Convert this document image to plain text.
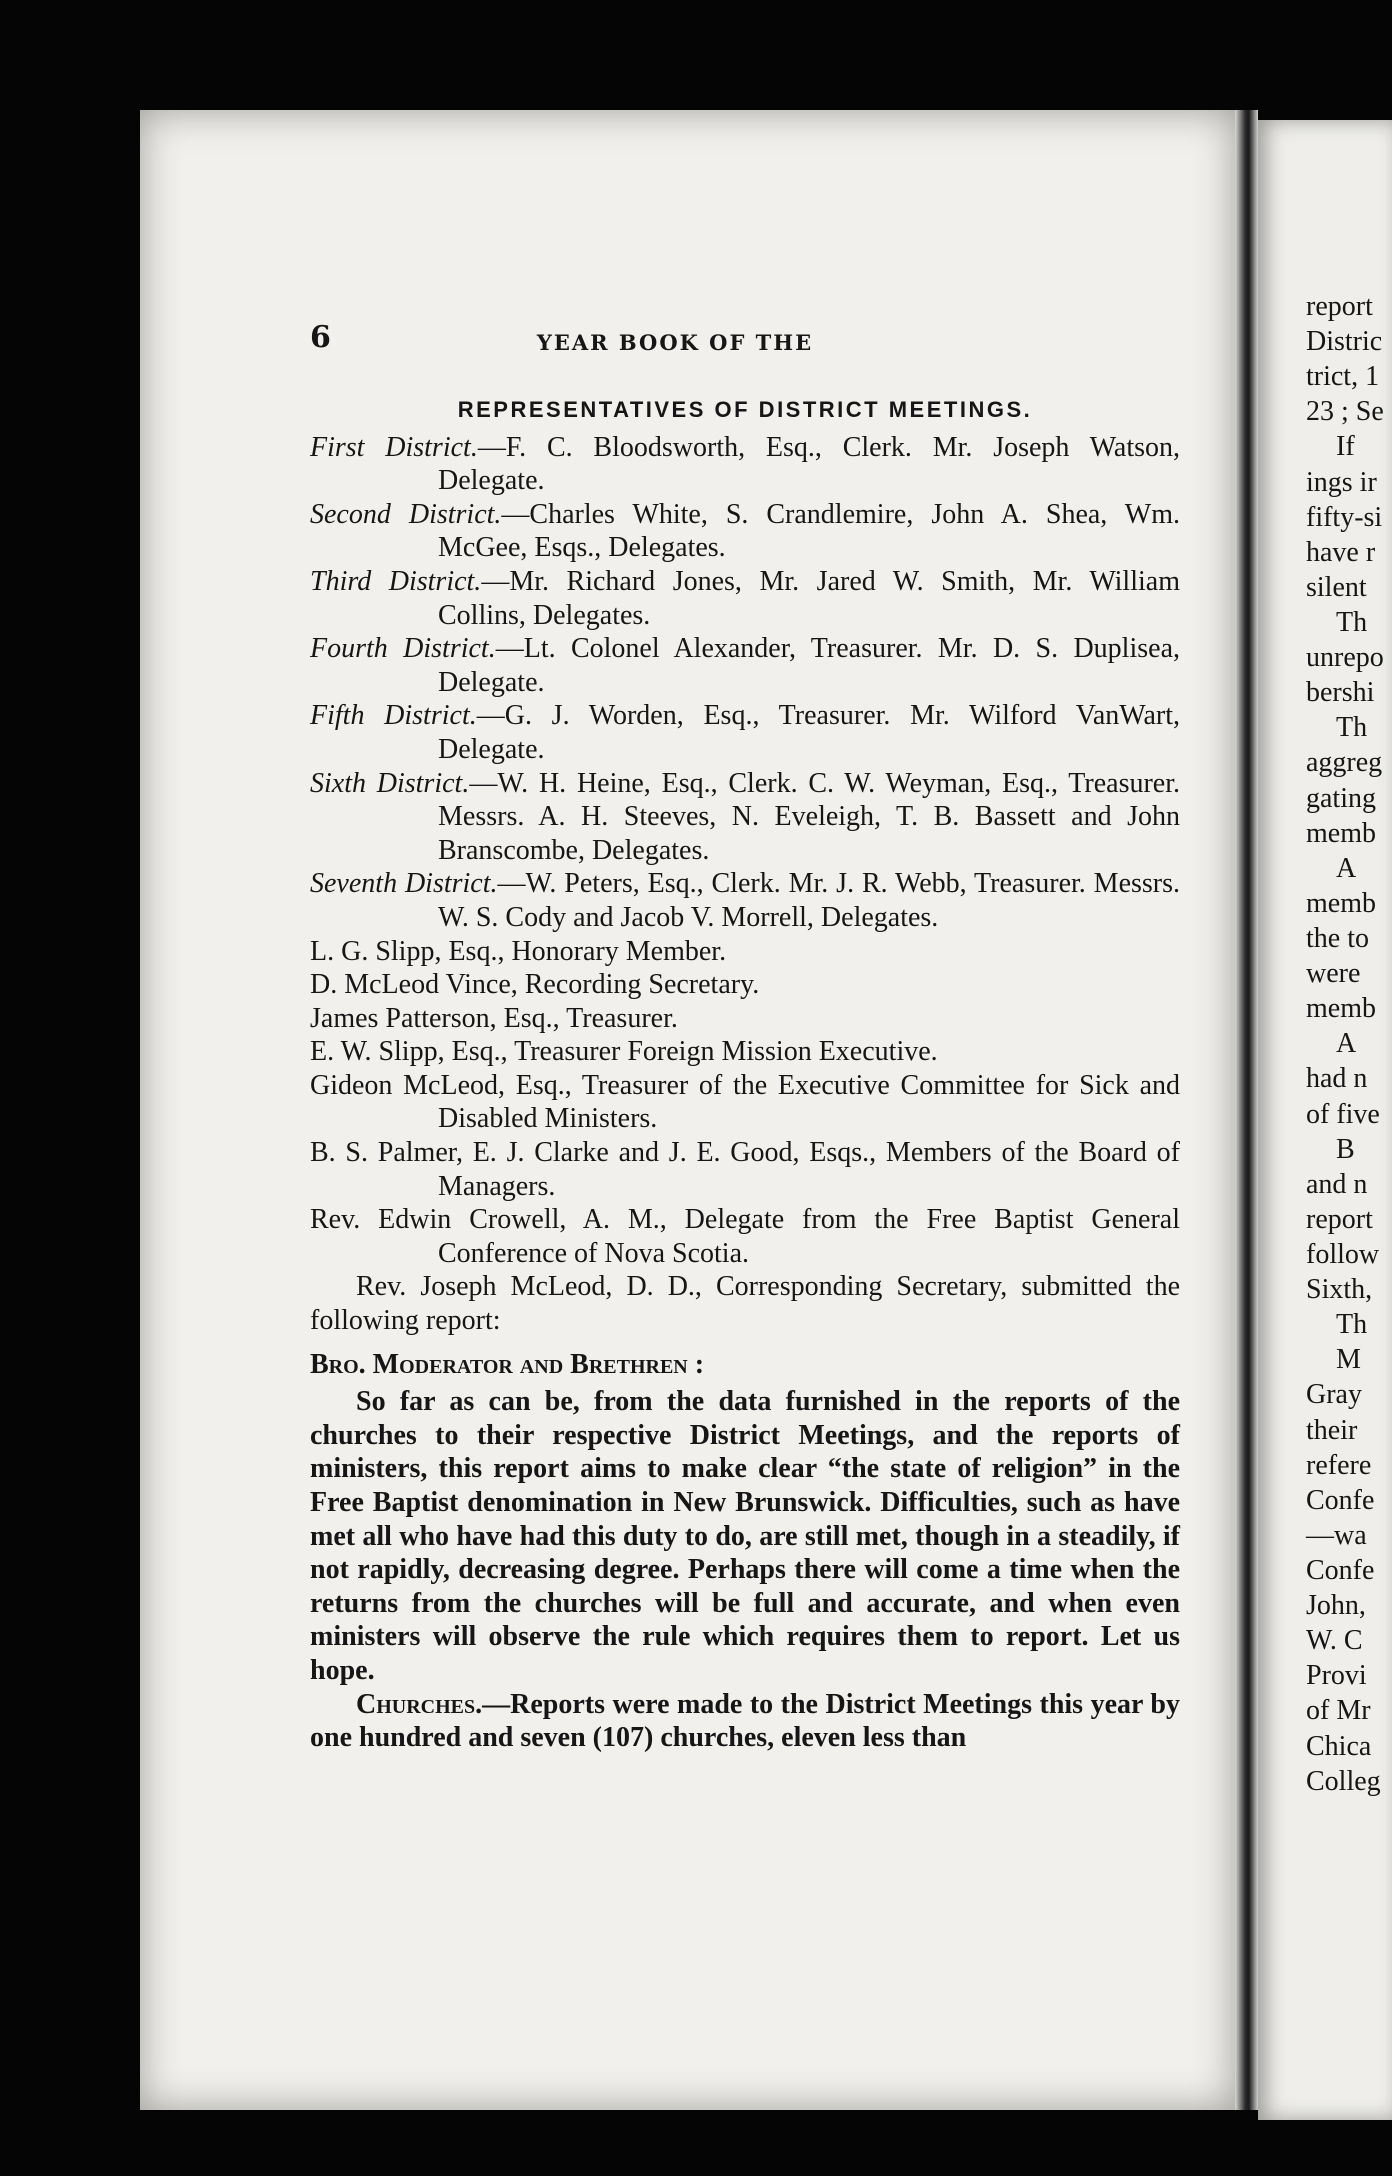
6	YEAR BOOK OF THE
REPRESENTATIVES OF DISTRICT MEETINGS.
First District.—F. C. Bloodsworth, Esq., Clerk. Mr. Joseph Watson, Delegate.
Second District.—Charles White, S. Crandlemire, John A. Shea, Wm. McGee, Esqs., Delegates.
Third District.—Mr. Richard Jones, Mr. Jared W. Smith, Mr. William Collins, Delegates.
Fourth District.—Lt. Colonel Alexander, Treasurer. Mr. D. S. Duplisea, Delegate.
Fifth District.—G. J. Worden, Esq., Treasurer. Mr. Wilford VanWart, Delegate.
Sixth District.—W. H. Heine, Esq., Clerk. C. W. Weyman, Esq., Treasurer. Messrs. A. H. Steeves, N. Eveleigh, T. B. Bassett and John Branscombe, Delegates.
Seventh District.—W. Peters, Esq., Clerk. Mr. J. R. Webb, Treasurer. Messrs. W. S. Cody and Jacob V. Morrell, Delegates.
L. G. Slipp, Esq., Honorary Member.
D. McLeod Vince, Recording Secretary.
James Patterson, Esq., Treasurer.
E. W. Slipp, Esq., Treasurer Foreign Mission Executive.
Gideon McLeod, Esq., Treasurer of the Executive Committee for Sick and Disabled Ministers.
B. S. Palmer, E. J. Clarke and J. E. Good, Esqs., Members of the Board of Managers.
Rev. Edwin Crowell, A. M., Delegate from the Free Baptist General Conference of Nova Scotia.
Rev. Joseph McLeod, D. D., Corresponding Secretary, submitted the following report:
Bro. Moderator and Brethren :
So far as can be, from the data furnished in the reports of the churches to their respective District Meetings, and the reports of ministers, this report aims to make clear “the state of religion” in the Free Baptist denomination in New Brunswick. Difficulties, such as have met all who have had this duty to do, are still met, though in a steadily, if not rapidly, decreasing degree. Perhaps there will come a time when the returns from the churches will be full and accurate, and when even ministers will observe the rule which requires them to report. Let us hope.
Churches.—Reports were made to the District Meetings this year by one hundred and seven (107) churches, eleven less than
report
Distric
trict, 1
23 ; Se
If
ings ir
fifty-si
have r
silent
Th
unrepo
bershi
Th
aggreg
gating
memb
A
memb
the to
were
memb
A
had n
of five
B
and n
report
follow
Sixth,
Th
M
Gray
their
refere
Confe
—wa
Confe
John,
W. C
Provi
of Mr
Chica
Colleg
